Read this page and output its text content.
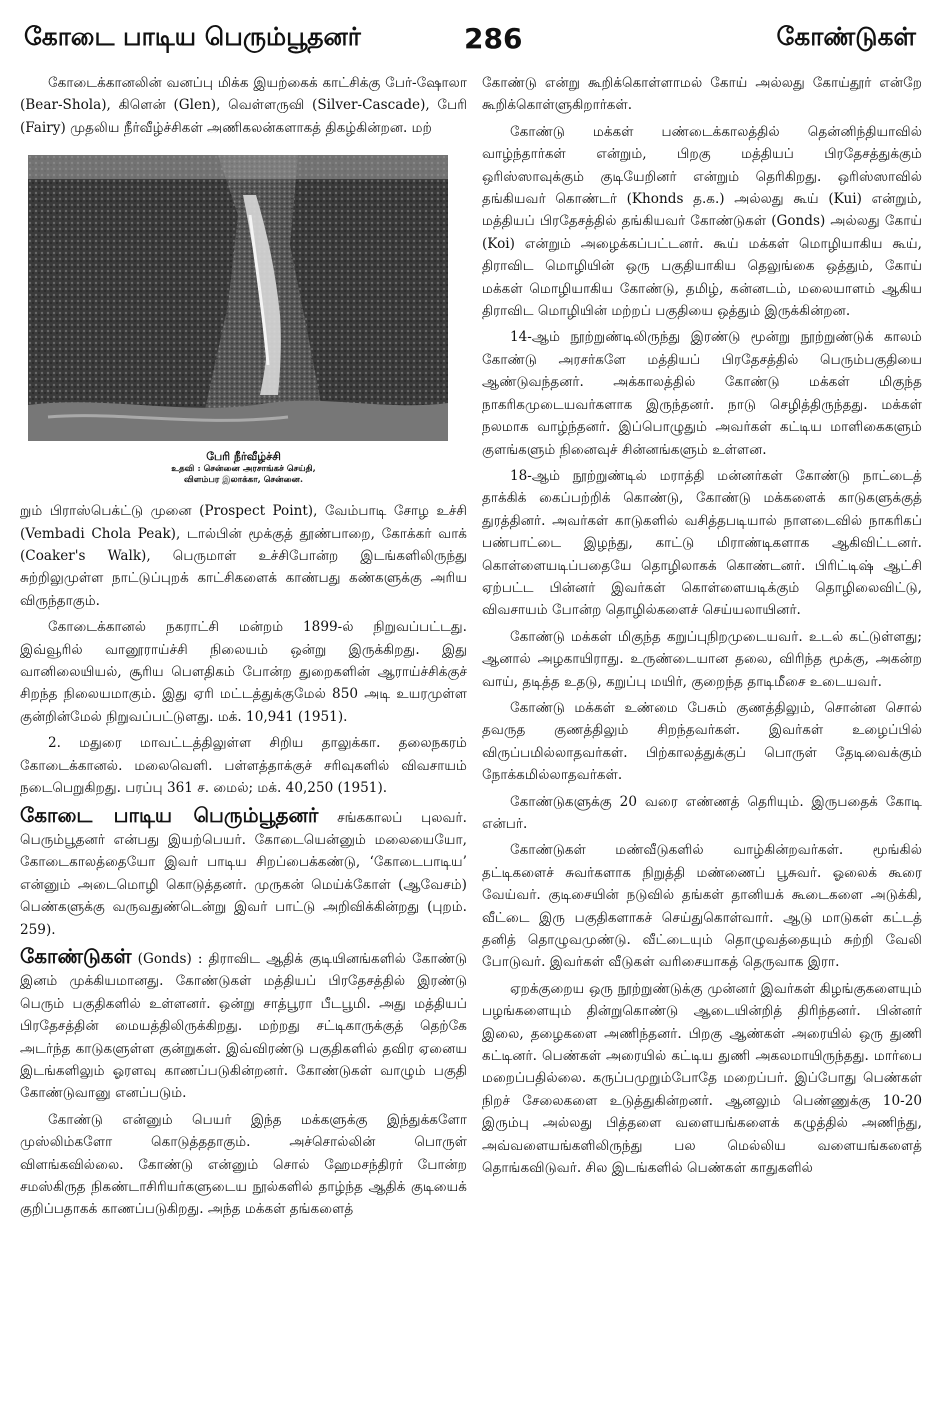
கோடை பாடிய பெரும்பூதனர்	286	கோண்டுகள்

கோடைக்கானலின் வனப்பு மிக்க இயற்கைக் காட்சிக்கு பேர்-ஷோலா (Bear-Shola), கிளென் (Glen), வெள்ளருவி (Silver-Cascade), பேரி (Fairy) முதலிய நீர்வீழ்ச்சிகள் அணிகலன்களாகத் திகழ்கின்றன. மற்

பேரி நீர்வீழ்ச்சி
உதவி : சென்னை அரசாங்கச் செய்தி,
விளம்பர இலாக்கா, சென்னை.

றும் பிராஸ்பெக்ட்டு முனை (Prospect Point), வேம்பாடி சோழ உச்சி (Vembadi Chola Peak), டால்பின் மூக்குத் தூண்பாறை, கோக்கர் வாக் (Coaker's Walk), பெருமாள் உச்சிபோன்ற இடங்களிலிருந்து சுற்றிலுமுள்ள நாட்டுப்புறக் காட்சிகளைக் காண்பது கண்களுக்கு அரிய விருந்தாகும்.

கோடைக்கானல் நகராட்சி மன்றம் 1899-ல் நிறுவப்பட்டது. இவ்வூரில் வானூராய்ச்சி நிலையம் ஒன்று இருக்கிறது. இது வானிலையியல், சூரிய பௌதிகம் போன்ற துறைகளின் ஆராய்ச்சிக்குச் சிறந்த நிலையமாகும். இது ஏரி மட்டத்துக்குமேல் 850 அடி உயரமுள்ள குன்றின்மேல் நிறுவப்பட்டுளது. மக். 10,941 (1951).

2. மதுரை மாவட்டத்திலுள்ள சிறிய தாலுக்கா. தலைநகரம் கோடைக்கானல். மலைவெளி. பள்ளத்தாக்குச் சரிவுகளில் விவசாயம் நடைபெறுகிறது. பரப்பு 361 ச. மைல்; மக். 40,250 (1951).

கோடை பாடிய பெரும்பூதனர் சங்ககாலப் புலவர். பெரும்பூதனர் என்பது இயற்பெயர். கோடையென்னும் மலையையோ, கோடைகாலத்தையோ இவர் பாடிய சிறப்பைக்கண்டு, ‘கோடைபாடிய’ என்னும் அடைமொழி கொடுத்தனர். முருகன் மெய்க்கோள் (ஆவேசம்) பெண்களுக்கு வருவதுண்டென்று இவர் பாட்டு அறிவிக்கின்றது (புறம். 259).

கோண்டுகள் (Gonds) : திராவிட ஆதிக் குடியினங்களில் கோண்டு இனம் முக்கியமானது. கோண்டுகள் மத்தியப் பிரதேசத்தில் இரண்டு பெரும் பகுதிகளில் உள்ளனர். ஒன்று சாத்பூரா பீடபூமி. அது மத்தியப் பிரதேசத்தின் மையத்திலிருக்கிறது. மற்றது சட்டிகாருக்குத் தெற்கே அடர்ந்த காடுகளுள்ள குன்றுகள். இவ்விரண்டு பகுதிகளில் தவிர ஏனைய இடங்களிலும் ஓரளவு காணப்படுகின்றனர். கோண்டுகள் வாழும் பகுதி கோண்டுவானு எனப்படும்.

கோண்டு என்னும் பெயர் இந்த மக்களுக்கு இந்துக்களோ முஸ்லிம்களோ கொடுத்ததாகும். அச்சொல்லின் பொருள் விளங்கவில்லை. கோண்டு என்னும் சொல் ஹேமசந்திரர் போன்ற சமஸ்கிருத நிகண்டாசிரியர்களுடைய நூல்களில் தாழ்ந்த ஆதிக் குடியைக் குறிப்பதாகக் காணப்படுகிறது. அந்த மக்கள் தங்களைத்

கோண்டு என்று கூறிக்கொள்ளாமல் கோய் அல்லது கோய்தூர் என்றே கூறிக்கொள்ளுகிறார்கள்.

கோண்டு மக்கள் பண்டைக்காலத்தில் தென்னிந்தியாவில் வாழ்ந்தார்கள் என்றும், பிறகு மத்தியப் பிரதேசத்துக்கும் ஒரிஸ்ஸாவுக்கும் குடியேறினர் என்றும் தெரிகிறது. ஒரிஸ்ஸாவில் தங்கியவர் கொண்டர் (Khonds த.க.) அல்லது கூய் (Kui) என்றும், மத்தியப் பிரதேசத்தில் தங்கியவர் கோண்டுகள் (Gonds) அல்லது கோய் (Koi) என்றும் அழைக்கப்பட்டனர். கூய் மக்கள் மொழியாகிய கூய், திராவிட மொழியின் ஒரு பகுதியாகிய தெலுங்கை ஒத்தும், கோய் மக்கள் மொழியாகிய கோண்டு, தமிழ், கன்னடம், மலையாளம் ஆகிய திராவிட மொழியின் மற்றப் பகுதியை ஒத்தும் இருக்கின்றன.

14-ஆம் நூற்றுண்டிலிருந்து இரண்டு மூன்று நூற்றுண்டுக் காலம் கோண்டு அரசர்களே மத்தியப் பிரதேசத்தில் பெரும்பகுதியை ஆண்டுவந்தனர். அக்காலத்தில் கோண்டு மக்கள் மிகுந்த நாகரிகமுடையவர்களாக இருந்தனர். நாடு செழித்திருந்தது. மக்கள் நலமாக வாழ்ந்தனர். இப்பொழுதும் அவர்கள் கட்டிய மாளிகைகளும் குளங்களும் நினைவுச் சின்னங்களும் உள்ளன.

18-ஆம் நூற்றுண்டில் மராத்தி மன்னர்கள் கோண்டு நாட்டைத் தாக்கிக் கைப்பற்றிக் கொண்டு, கோண்டு மக்களைக் காடுகளுக்குத் துரத்தினர். அவர்கள் காடுகளில் வசித்தபடியால் நாளடைவில் நாகரிகப் பண்பாட்டை இழந்து, காட்டு மிராண்டிகளாக ஆகிவிட்டனர். கொள்ளையடிப்பதையே தொழிலாகக் கொண்டனர். பிரிட்டிஷ் ஆட்சி ஏற்பட்ட பின்னர் இவர்கள் கொள்ளையடிக்கும் தொழிலைவிட்டு, விவசாயம் போன்ற தொழில்களைச் செய்யலாயினர்.

கோண்டு மக்கள் மிகுந்த கறுப்புநிறமுடையவர். உடல் கட்டுள்ளது; ஆனால் அழகாயிராது. உருண்டையான தலை, விரிந்த மூக்கு, அகன்ற வாய், தடித்த உதடு, கறுப்பு மயிர், குறைந்த தாடிமீசை உடையவர்.

கோண்டு மக்கள் உண்மை பேசும் குணத்திலும், சொன்ன சொல் தவருத குணத்திலும் சிறந்தவர்கள். இவர்கள் உழைப்பில் விருப்பமில்லாதவர்கள். பிற்காலத்துக்குப் பொருள் தேடிவைக்கும் நோக்கமில்லாதவர்கள்.

கோண்டுகளுக்கு 20 வரை எண்ணத் தெரியும். இருபதைக் கோடி என்பர்.

கோண்டுகள் மண்வீடுகளில் வாழ்கின்றவர்கள். மூங்கில் தட்டிகளைச் சுவர்களாக நிறுத்தி மண்ணைப் பூசுவர். ஓலைக் கூரை வேய்வர். குடிசையின் நடுவில் தங்கள் தானியக் கூடைகளை அடுக்கி, வீட்டை இரு பகுதிகளாகச் செய்துகொள்வார். ஆடு மாடுகள் கட்டத் தனித் தொழுவமுண்டு. வீட்டையும் தொழுவத்தையும் சுற்றி வேலி போடுவர். இவர்கள் வீடுகள் வரிசையாகத் தெருவாக இரா.

ஏறக்குறைய ஒரு நூற்றுண்டுக்கு முன்னர் இவர்கள் கிழங்குகளையும் பழங்களையும் தின்றுகொண்டு ஆடையின்றித் திரிந்தனர். பின்னர் இலை, தழைகளை அணிந்தனர். பிறகு ஆண்கள் அரையில் ஒரு துணி கட்டினர். பெண்கள் அரையில் கட்டிய துணி அகலமாயிருந்தது. மார்பை மறைப்பதில்லை. கருப்பமுறும்போதே மறைப்பர். இப்போது பெண்கள் நிறச் சேலைகளை உடுத்துகின்றனர். ஆனலும் பெண்ணுக்கு 10-20 இரும்பு அல்லது பித்தளை வளையங்களைக் கழுத்தில் அணிந்து, அவ்வளையங்களிலிருந்து பல மெல்லிய வளையங்களைத் தொங்கவிடுவர். சில இடங்களில் பெண்கள் காதுகளில்
